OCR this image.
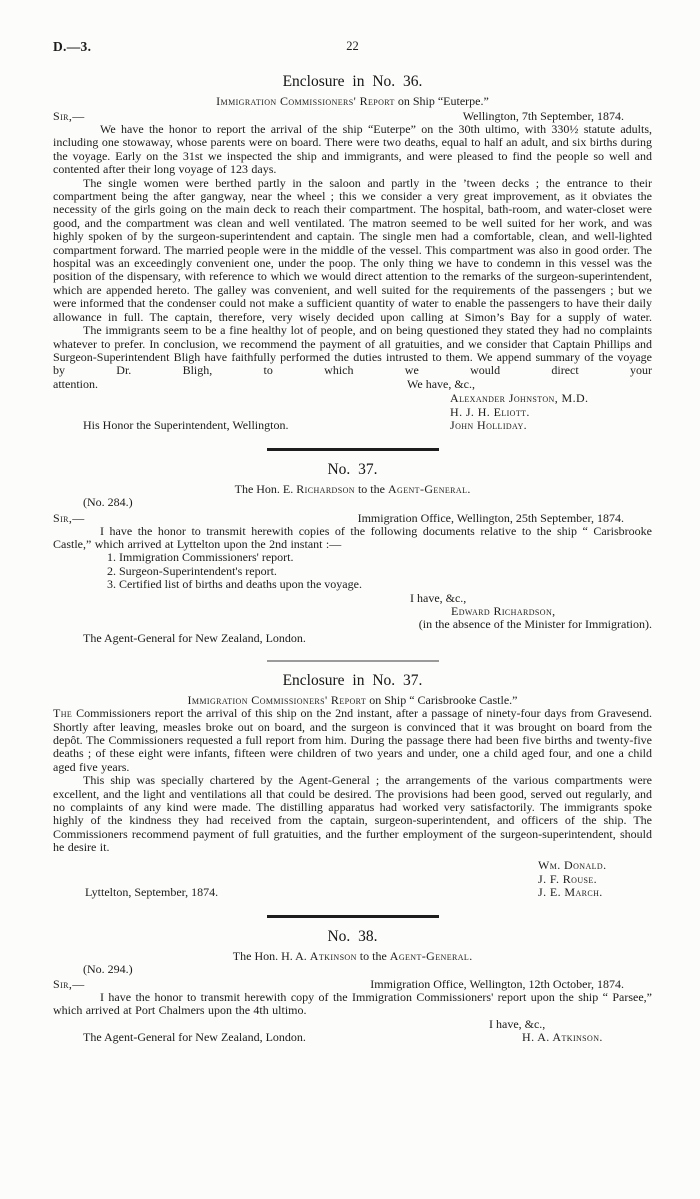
D.—3.	22
Enclosure in No. 36.
Immigration Commissioners' Report on Ship “Euterpe.”
Sir,—	Wellington, 7th September, 1874.

We have the honor to report the arrival of the ship “Euterpe” on the 30th ultimo, with 330½ statute adults, including one stowaway, whose parents were on board. There were two deaths, equal to half an adult, and six births during the voyage. Early on the 31st we inspected the ship and immigrants, and were pleased to find the people so well and contented after their long voyage of 123 days.

The single women were berthed partly in the saloon and partly in the ’tween decks ; the entrance to their compartment being the after gangway, near the wheel ; this we consider a very great improvement, as it obviates the necessity of the girls going on the main deck to reach their compartment. The hospital, bath-room, and water-closet were good, and the compartment was clean and well ventilated. The matron seemed to be well suited for her work, and was highly spoken of by the surgeon-superintendent and captain. The single men had a comfortable, clean, and well-lighted compartment forward. The married people were in the middle of the vessel. This compartment was also in good order. The hospital was an exceedingly convenient one, under the poop. The only thing we have to condemn in this vessel was the position of the dispensary, with reference to which we would direct attention to the remarks of the surgeon-superintendent, which are appended hereto. The galley was convenient, and well suited for the requirements of the passengers ; but we were informed that the condenser could not make a sufficient quantity of water to enable the passengers to have their daily allowance in full. The captain, therefore, very wisely decided upon calling at Simon’s Bay for a supply of water.

The immigrants seem to be a fine healthy lot of people, and on being questioned they stated they had no complaints whatever to prefer. In conclusion, we recommend the payment of all gratuities, and we consider that Captain Phillips and Surgeon-Superintendent Bligh have faithfully performed the duties intrusted to them. We append summary of the voyage by Dr. Bligh, to which we would direct your

attention.	We have, &c.,
Alexander Johnston, M.D.
H. J. H. Eliott.
His Honor the Superintendent, Wellington.	John Holliday.
No. 37.
The Hon. E. Richardson to the Agent-General.
(No. 284.)
Sir,—	Immigration Office, Wellington, 25th September, 1874.

I have the honor to transmit herewith copies of the following documents relative to the ship “ Carisbrooke Castle,” which arrived at Lyttelton upon the 2nd instant :—

1. Immigration Commissioners' report.
2. Surgeon-Superintendent's report.
3. Certified list of births and deaths upon the voyage.
I have, &c.,
Edward Richardson,
(in the absence of the Minister for Immigration).
The Agent-General for New Zealand, London.
Enclosure in No. 37.
Immigration Commissioners' Report on Ship “ Carisbrooke Castle.”

The Commissioners report the arrival of this ship on the 2nd instant, after a passage of ninety-four days from Gravesend. Shortly after leaving, measles broke out on board, and the surgeon is convinced that it was brought on board from the depôt. The Commissioners requested a full report from him. During the passage there had been five births and twenty-five deaths ; of these eight were infants, fifteen were children of two years and under, one a child aged four, and one a child aged five years.

This ship was specially chartered by the Agent-General ; the arrangements of the various compartments were excellent, and the light and ventilations all that could be desired. The provisions had been good, served out regularly, and no complaints of any kind were made. The distilling apparatus had worked very satisfactorily. The immigrants spoke highly of the kindness they had received from the captain, surgeon-superintendent, and officers of the ship. The Commissioners recommend payment of full gratuities, and the further employment of the surgeon-superintendent, should he desire it.

Wm. Donald.
J. F. Rouse.
Lyttelton, September, 1874.	J. E. March.
No. 38.
The Hon. H. A. Atkinson to the Agent-General.
(No. 294.)
Sir,—	Immigration Office, Wellington, 12th October, 1874.

I have the honor to transmit herewith copy of the Immigration Commissioners' report upon the ship “ Parsee,” which arrived at Port Chalmers upon the 4th ultimo.

I have, &c.,
The Agent-General for New Zealand, London.	H. A. Atkinson.
